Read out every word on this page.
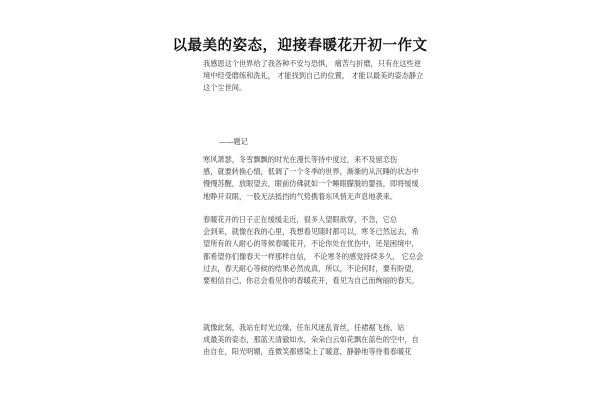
以最美的姿态，迎接春暖花开初一作文
我感恩这个世界给了我各种不安与恐惧， 痛苦与折磨，只有在这些逆
境中经受磨练和洗礼， 才能找到自己的位置， 才能以最美的姿态静立
这个尘世间。

——题记

寒风萧瑟，冬雪飘飘的时光在漫长等待中度过，来不及留恋伤
感，就要转换心情，低调了一个冬季的世界，渐渐的从沉睡的状态中
慢慢苏醒，放眼望去，眼前仿佛就如一个睡眼朦胧的婴孩，即将缓缓
地睁开双眼，一股无法抵挡的气势携着东风悄无声息地袭来。
春暖花开的日子正在缓缓走近，很多人望眼欲穿，不急，它总
会到来，就像在我的心里，我想看见随时都可以，寒冬已然远去，希
望所有的人耐心的等候春暖花开，不论你处在忧伤中，还是困境中，
都希望你们像春天一样那样自信， 不论寒冬的感觉持续多久， 它总会
过去，春天耐心等候的结果必然成真，所以，不论何时，要有盼望，
要相信自己，你总会看见你的春暖花开，看见为自己而绚丽的春天。
就像此刻，我站在时光边缘，任东风迷乱青丝，任裙裾飞扬，站
成最美的姿态，那蓝天清澈如水，朵朵白云如花飘在蓝色的空中，自
由自在，阳光明媚，连微笑都感染上了暖意，静静地等待着春暖花
